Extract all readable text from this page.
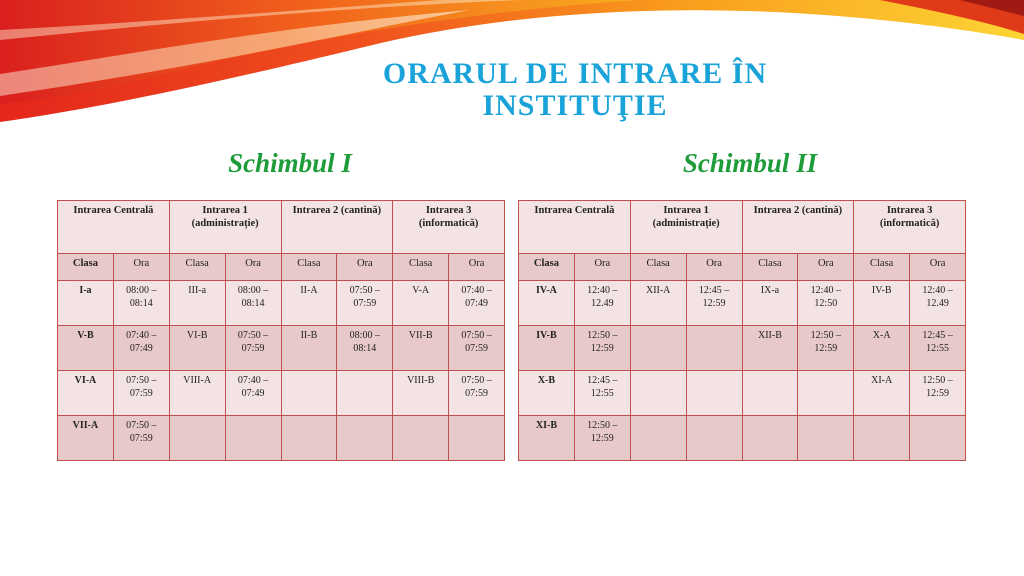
ORARUL DE INTRARE ÎN
INSTITUŢIE
Schimbul I	Schimbul II
Intrarea Centrală		Intrarea 1 (administrație)		Intrarea 2 (cantină)		Intrarea 3 (informatică)	
Clasa	Ora	Clasa	Ora	Clasa	Ora	Clasa	Ora
I-a	08:00 – 08:14	III-a	08:00 – 08:14	II-A	07:50 – 07:59	V-A	07:40 – 07:49
V-B	07:40 – 07:49	VI-B	07:50 – 07:59	II-B	08:00 – 08:14	VII-B	07:50 – 07:59
VI-A	07:50 – 07:59	VIII-A	07:40 – 07:49			VIII-B	07:50 – 07:59
VII-A	07:50 – 07:59						
Intrarea Centrală		Intrarea 1 (administrație)		Intrarea 2 (cantină)		Intrarea 3 (informatică)	
Clasa	Ora	Clasa	Ora	Clasa	Ora	Clasa	Ora
IV-A	12:40 – 12.49	XII-A	12:45 – 12:59	IX-a	12:40 – 12:50	IV-B	12:40 – 12.49
IV-B	12:50 – 12:59			XII-B	12:50 – 12:59	X-A	12:45 – 12:55
X-B	12:45 – 12:55					XI-A	12:50 – 12:59
XI-B	12:50 – 12:59						
